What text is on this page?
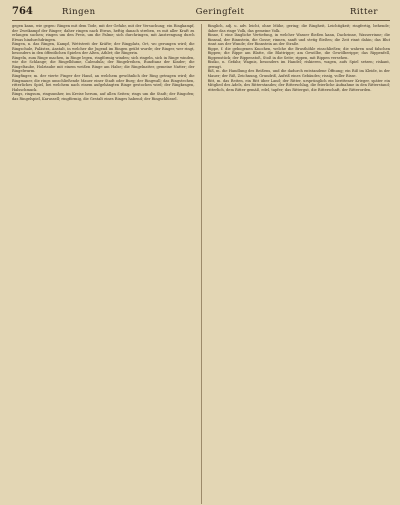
764	Ringen	Geringfeit	Ritter

gegen kann, wie gegen: Ringen mit dem Tode, mit der Gefahr, mit der Versuchung; ein Ringkampf, der Zweikampf der Ringer; daher ringen nach Etwas, heftig danach streben, es mit aller Kraft zu erlangen suchen; ringen um den Preis, um die Palme; sich durchringen, mit Anstrengung durch Etwas hindurchdringen.

Ringen, n. das Ringen, Kampf, Wettstreit der Kräfte; der Ringplatz, Ort, wo gerungen wird; die Ringschule, Palästra, Anstalt, in welcher die Jugend im Ringen geübt wurde; der Ringer, wer ringt, besonders in den öffentlichen Spielen der Alten, Athlet; die Ringerin.

Ringeln, zum Ringe machen, in Ringe legen, ringförmig winden; sich ringeln, sich in Ringe winden, wie die Schlange; die Ringelblume, Calendula; der Ringelreihen, Rundtanz der Kinder; die Ringeltaube, Holztaube mit einem weißen Ringe am Halse; die Ringelnatter, gemeine Natter; der Ringelwurm.

Ringfinger, m. der vierte Finger der Hand, an welchem gewöhnlich der Ring getragen wird; die Ringmauer, die rings umschließende Mauer einer Stadt oder Burg; der Ringwall; das Ringstechen, ritterliches Spiel, bei welchem nach einem aufgehängten Ringe gestochen wird; der Ringkragen, Halsschmuck.

Rings, ringsum, ringsumher, im Kreise herum, auf allen Seiten; rings um die Stadt; der Ringofen; das Ringelspiel, Karussell; ringförmig, die Gestalt eines Ringes habend; der Ringschlüssel.

Ringlich, adj. u. adv. leicht, ohne Mühe, gering; die Ringheit, Leichtigkeit; ringfertig, behende; daher das ringe Volk, das gemeine Volk.

Rinne, f. eine längliche Vertiefung, in welcher Wasser fließen kann, Dachrinne, Wasserrinne; die Rinnsal, der Rinnstein, die Gosse; rinnen, sanft und stetig fließen; die Zeit rinnt dahin; das Blut rinnt aus der Wunde; der Rinnstein an der Straße.

Rippe, f. die gebogenen Knochen, welche die Brusthöhle einschließen; die wahren und falschen Rippen; die Rippe am Blatte, die Blattrippe; am Gewölbe, die Gewölberippe; das Rippenfell, Rippenstück; der Rippenstoß, Stoß in die Seite; rippen, mit Rippen versehen.

Risiko, n. Gefahr, Wagnis, besonders im Handel; riskieren, wagen, aufs Spiel setzen; riskant, gewagt.

Riß, m. die Handlung des Reißens, und die dadurch entstandene Öffnung; ein Riß im Kleide, in der Mauer; der Riß, Zeichnung, Grundriß, Aufriß eines Gebäudes; rissig, voller Risse.

Ritt, m. das Reiten, ein Ritt über Land; der Ritter, ursprünglich ein berittener Krieger, später ein Mitglied des Adels, des Ritterstandes; der Ritterschlag, die feierliche Aufnahme in den Ritterstand; ritterlich, dem Ritter gemäß, edel, tapfer; das Rittergut, die Ritterschaft, der Ritterorden.
